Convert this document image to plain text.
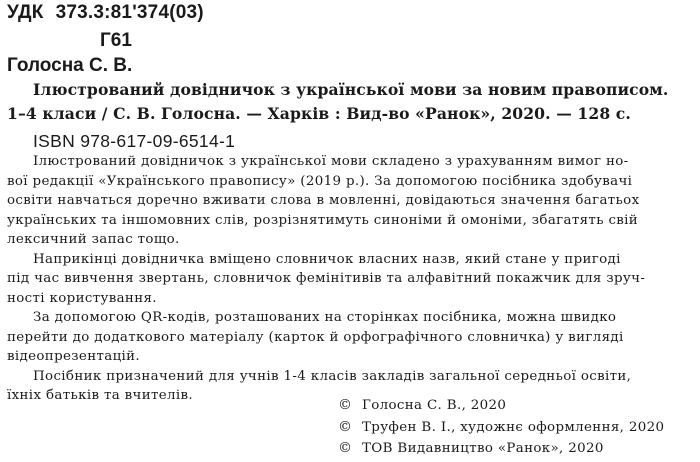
УДК 373.3:81ʹ374(03)
Г61
Голосна С. В.
Ілюстрований довідничок з української мови за новим правописом.
1–4 класи / С. В. Голосна. — Харків : Вид-во «Ранок», 2020. — 128 с.
ISBN 978-617-09-6514-1
Ілюстрований довідничок з української мови складено з урахуванням вимог но-
вої редакції «Українського правопису» (2019 р.). За допомогою посібника здобувачі
освіти навчаться доречно вживати слова в мовленні, довідаються значення багатьох
українських та іншомовних слів, розрізнятимуть синоніми й омоніми, збагатять свій
лексичний запас тощо.
Наприкінці довідничка вміщено словничок власних назв, який стане у пригоді
під час вивчення звертань, словничок фемінітивів та алфавітний покажчик для зруч-
ності користування.
За допомогою QR-кодів, розташованих на сторінках посібника, можна швидко
перейти до додаткового матеріалу (карток й орфографічного словничка) у вигляді
відеопрезентацій.
Посібник призначений для учнів 1-4 класів закладів загальної середньої освіти,
їхніх батьків та вчителів.
© Голосна С. В., 2020
© Труфен В. І., художнє оформлення, 2020
© ТОВ Видавництво «Ранок», 2020
